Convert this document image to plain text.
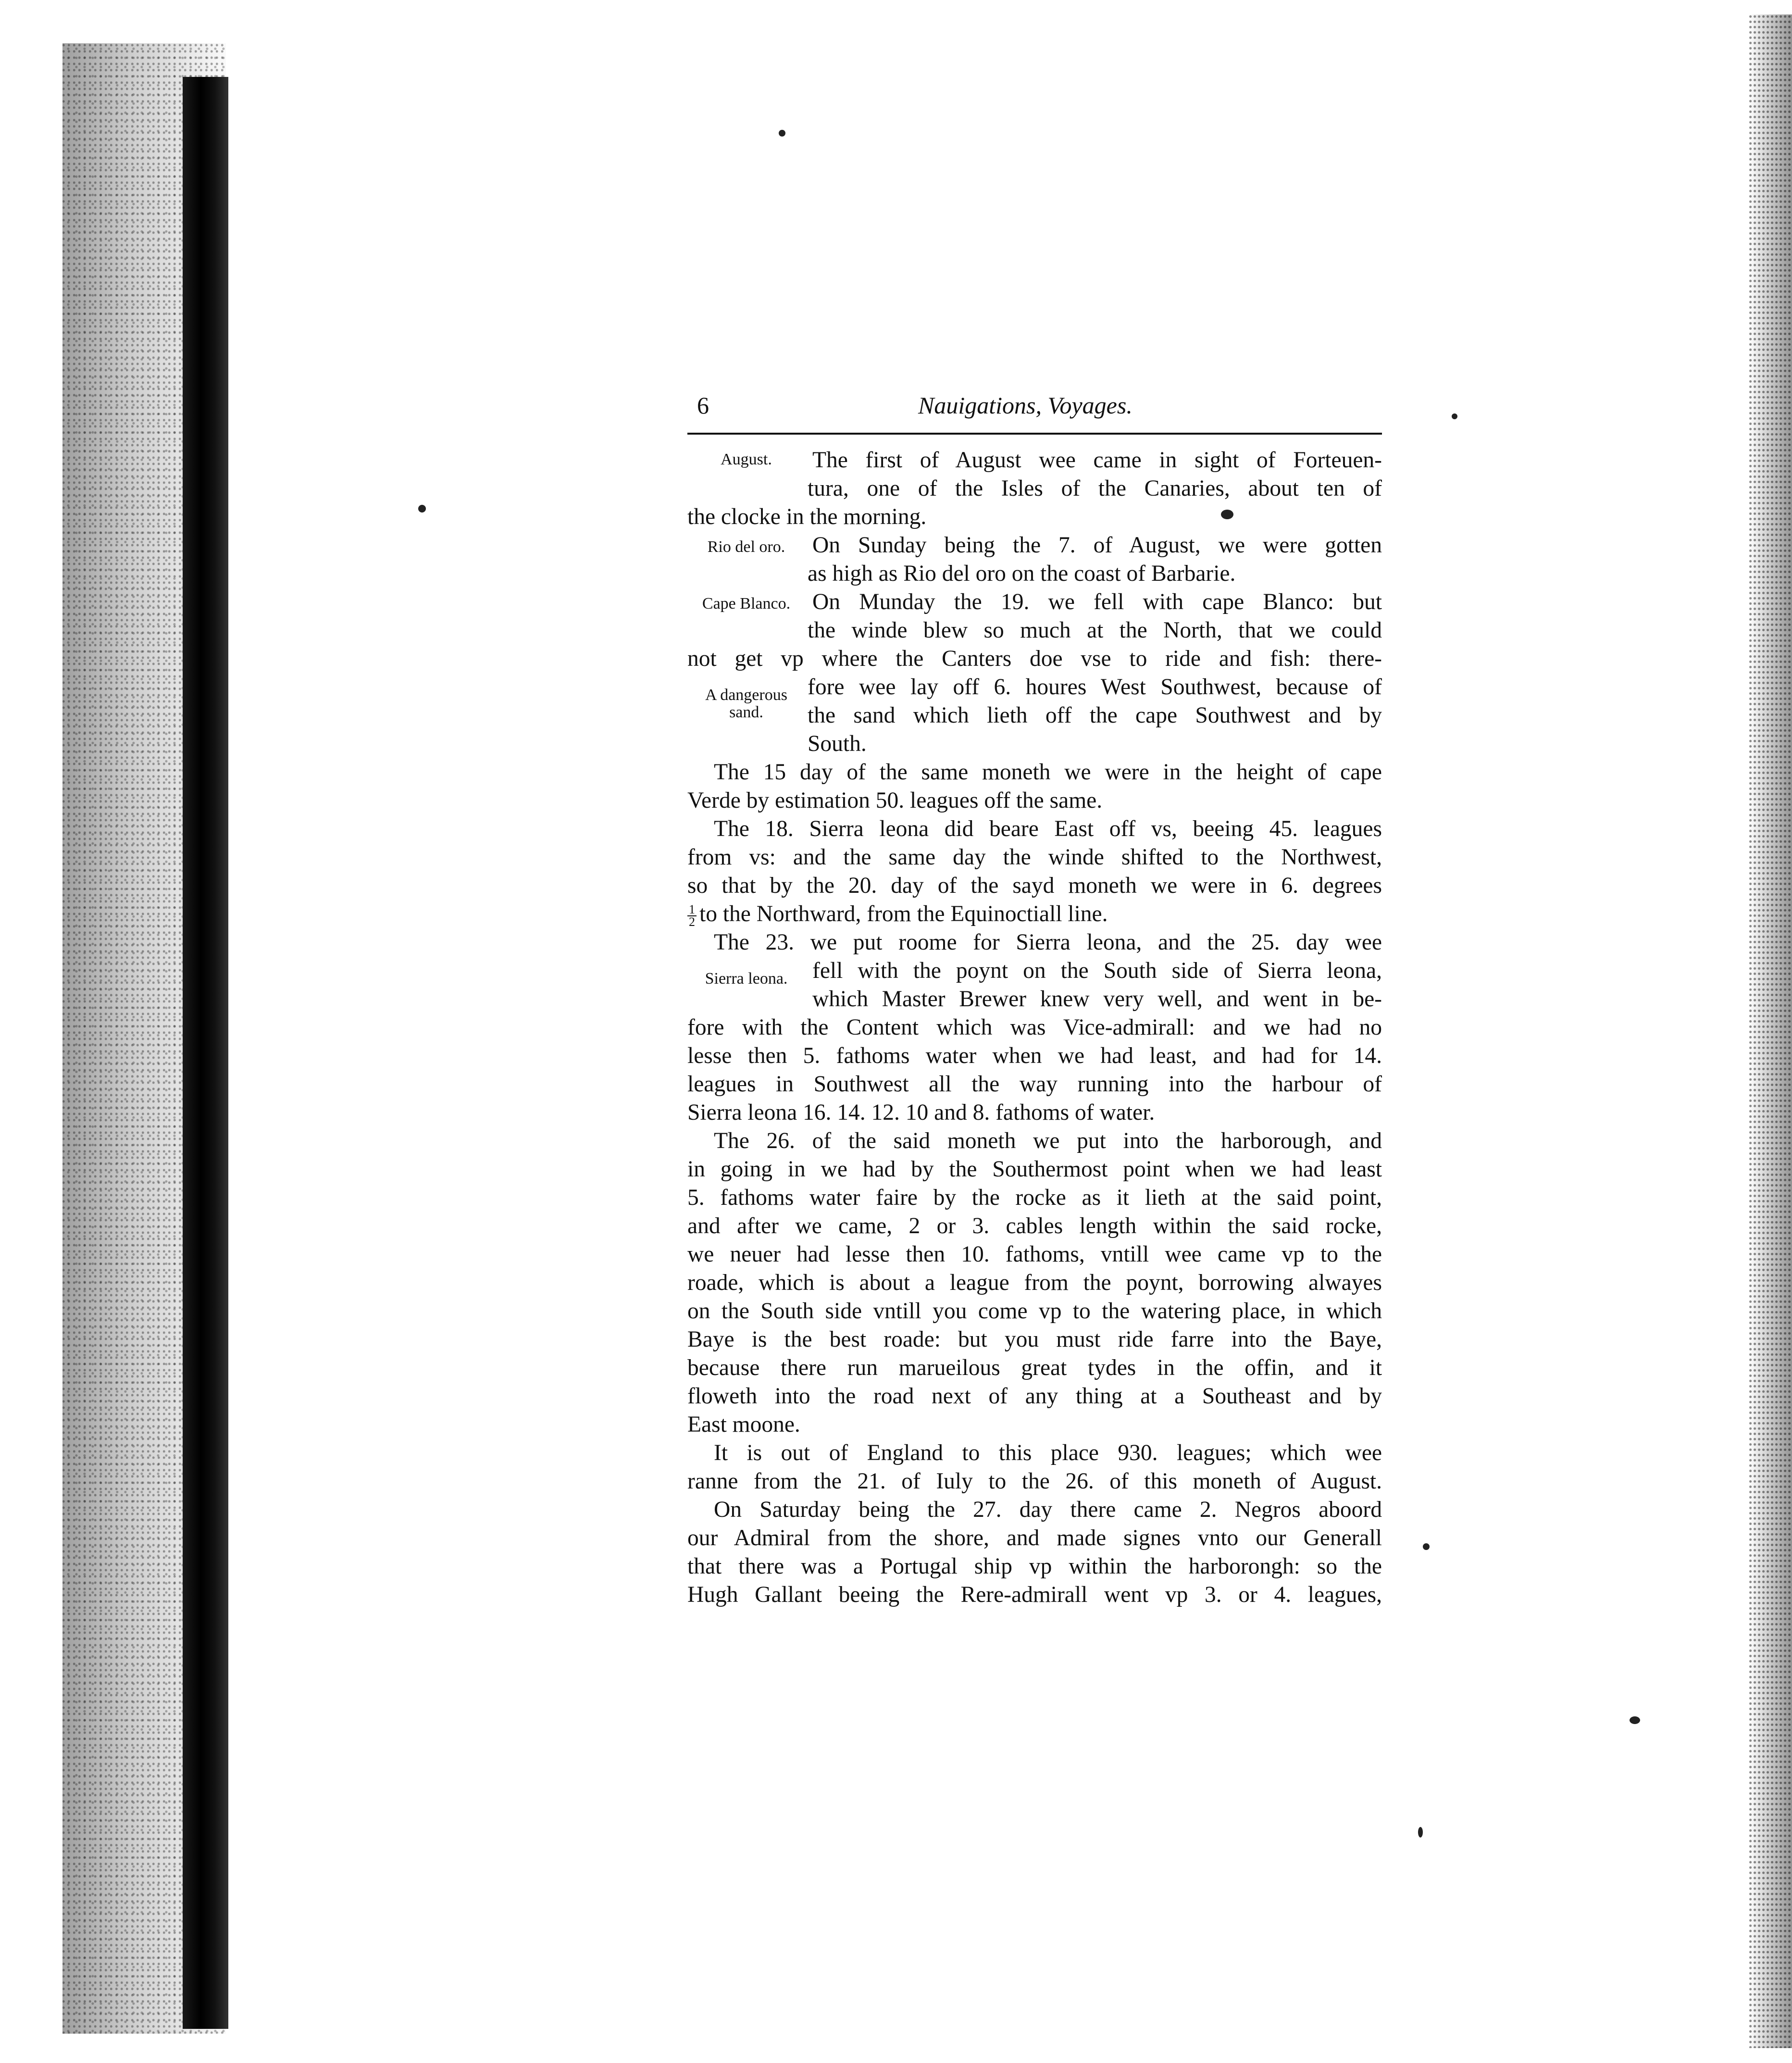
6	Nauigations, Voyages.
August.
Rio del oro.
Cape Blanco.
A dangerous
sand.
Sierra leona.
The first of August wee came in sight of Forteuen-
tura, one of the Isles of the Canaries, about ten of
the clocke in the morning.
On Sunday being the 7. of August, we were gotten
as high as Rio del oro on the coast of Barbarie.
On Munday the 19. we fell with cape Blanco: but
the winde blew so much at the North, that we could
not get vp where the Canters doe vse to ride and fish: there-
fore wee lay off 6. houres West Southwest, because of
the sand which lieth off the cape Southwest and by
South.
The 15 day of the same moneth we were in the height of cape
Verde by estimation 50. leagues off the same.
The 18. Sierra leona did beare East off vs, beeing 45. leagues
from vs: and the same day the winde shifted to the Northwest,
so that by the 20. day of the sayd moneth we were in 6. degrees
$\frac{1}{2}$ to the Northward, from the Equinoctiall line.
The 23. we put roome for Sierra leona, and the 25. day wee
fell with the poynt on the South side of Sierra leona,
which Master Brewer knew very well, and went in be-
fore with the Content which was Vice-admirall: and we had no
lesse then 5. fathoms water when we had least, and had for 14.
leagues in Southwest all the way running into the harbour of
Sierra leona 16. 14. 12. 10 and 8. fathoms of water.
The 26. of the said moneth we put into the harborough, and
in going in we had by the Southermost point when we had least
5. fathoms water faire by the rocke as it lieth at the said point,
and after we came, 2 or 3. cables length within the said rocke,
we neuer had lesse then 10. fathoms, vntill wee came vp to the
roade, which is about a league from the poynt, borrowing alwayes
on the South side vntill you come vp to the watering place, in which
Baye is the best roade: but you must ride farre into the Baye,
because there run marueilous great tydes in the offin, and it
floweth into the road next of any thing at a Southeast and by
East moone.
It is out of England to this place 930. leagues; which wee
ranne from the 21. of Iuly to the 26. of this moneth of August.
On Saturday being the 27. day there came 2. Negros aboord
our Admiral from the shore, and made signes vnto our Generall
that there was a Portugal ship vp within the harborongh: so the
Hugh Gallant beeing the Rere-admirall went vp 3. or 4. leagues,
